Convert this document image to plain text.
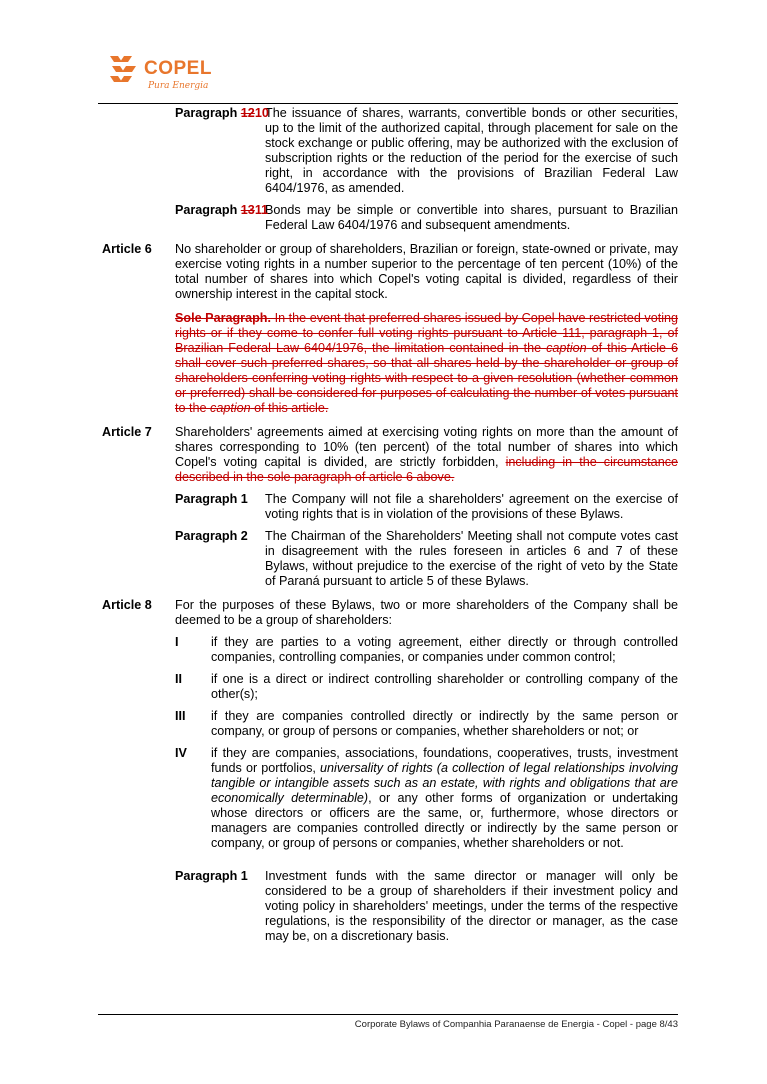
COPEL
Pura Energia
Paragraph 1210
The issuance of shares, warrants, convertible bonds or other securities, up to the limit of the authorized capital, through placement for sale on the stock exchange or public offering, may be authorized with the exclusion of subscription rights or the reduction of the period for the exercise of such right, in accordance with the provisions of Brazilian Federal Law 6404/1976, as amended.
Paragraph 1311
Bonds may be simple or convertible into shares, pursuant to Brazilian Federal Law 6404/1976 and subsequent amendments.
Article 6 No shareholder or group of shareholders, Brazilian or foreign, state-owned or private, may exercise voting rights in a number superior to the percentage of ten percent (10%) of the total number of shares into which Copel's voting capital is divided, regardless of their ownership interest in the capital stock.
Sole Paragraph. In the event that preferred shares issued by Copel have restricted voting rights or if they come to confer full voting rights pursuant to Article 111, paragraph 1, of Brazilian Federal Law 6404/1976, the limitation contained in the caption of this Article 6 shall cover such preferred shares, so that all shares held by the shareholder or group of shareholders conferring voting rights with respect to a given resolution (whether common or preferred) shall be considered for purposes of calculating the number of votes pursuant to the caption of this article.
Article 7 Shareholders' agreements aimed at exercising voting rights on more than the amount of shares corresponding to 10% (ten percent) of the total number of shares into which Copel's voting capital is divided, are strictly forbidden, including in the circumstance described in the sole paragraph of article 6 above.
Paragraph 1 The Company will not file a shareholders' agreement on the exercise of voting rights that is in violation of the provisions of these Bylaws.
Paragraph 2 The Chairman of the Shareholders' Meeting shall not compute votes cast in disagreement with the rules foreseen in articles 6 and 7 of these Bylaws, without prejudice to the exercise of the right of veto by the State of Paraná pursuant to article 5 of these Bylaws.
Article 8 For the purposes of these Bylaws, two or more shareholders of the Company shall be deemed to be a group of shareholders:
I	if they are parties to a voting agreement, either directly or through controlled companies, controlling companies, or companies under common control;
II if one is a direct or indirect controlling shareholder or controlling company of the other(s);
III if they are companies controlled directly or indirectly by the same person or company, or group of persons or companies, whether shareholders or not; or
IV if they are companies, associations, foundations, cooperatives, trusts, investment funds or portfolios, universality of rights (a collection of legal relationships involving tangible or intangible assets such as an estate, with rights and obligations that are economically determinable), or any other forms of organization or undertaking whose directors or officers are the same, or, furthermore, whose directors or managers are companies controlled directly or indirectly by the same person or company, or group of persons or companies, whether shareholders or not.
Paragraph 1 Investment funds with the same director or manager will only be considered to be a group of shareholders if their investment policy and voting policy in shareholders' meetings, under the terms of the respective regulations, is the responsibility of the director or manager, as the case may be, on a discretionary basis.
Corporate Bylaws of Companhia Paranaense de Energia - Copel - page 8/43
